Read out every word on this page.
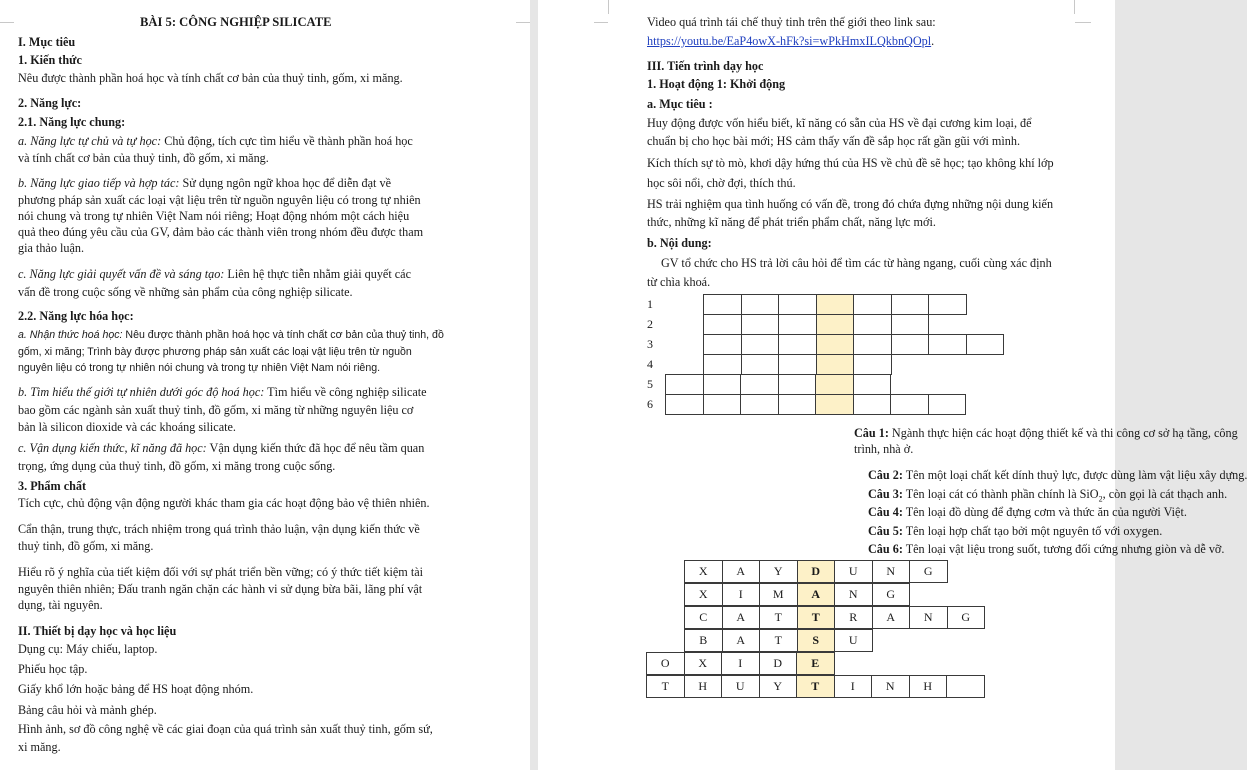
BÀI 5: CÔNG NGHIỆP SILICATE
I. Mục tiêu
1. Kiến thức
Nêu được thành phần hoá học và tính chất cơ bản của thuỷ tinh, gốm, xi măng.
2. Năng lực:
2.1. Năng lực chung:
a. Năng lực tự chủ và tự học: Chủ động, tích cực tìm hiểu về thành phần hoá học
và tính chất cơ bản của thuỷ tinh, đồ gốm, xi măng.
b. Năng lực giao tiếp và hợp tác: Sử dụng ngôn ngữ khoa học để diễn đạt về
phương pháp sản xuất các loại vật liệu trên từ nguồn nguyên liệu có trong tự nhiên
nói chung và trong tự nhiên Việt Nam nói riêng; Hoạt động nhóm một cách hiệu
quả theo đúng yêu cầu của GV, đảm bảo các thành viên trong nhóm đều được tham
gia thảo luận.
c. Năng lực giải quyết vấn đề và sáng tạo: Liên hệ thực tiễn nhằm giải quyết các
vấn đề trong cuộc sống về những sản phẩm của công nghiệp silicate.
2.2. Năng lực hóa học:
a. Nhận thức hoá học: Nêu được thành phần hoá học và tính chất cơ bản của thuỷ tinh, đồ
gốm, xi măng; Trình bày được phương pháp sản xuất các loại vật liệu trên từ nguồn
nguyên liệu có trong tự nhiên nói chung và trong tự nhiên Việt Nam nói riêng.
b. Tìm hiểu thế giới tự nhiên dưới góc độ hoá học: Tìm hiểu về công nghiệp silicate
bao gồm các ngành sản xuất thuỷ tinh, đồ gốm, xi măng từ những nguyên liệu cơ
bản là silicon dioxide và các khoáng silicate.
c. Vận dụng kiến thức, kĩ năng đã học: Vận dụng kiến thức đã học để nêu tầm quan
trọng, ứng dụng của thuỷ tinh, đồ gốm, xi măng trong cuộc sống.
3. Phẩm chất
Tích cực, chủ động vận động người khác tham gia các hoạt động bảo vệ thiên nhiên.
Cẩn thận, trung thực, trách nhiệm trong quá trình thảo luận, vận dụng kiến thức về
thuỷ tinh, đồ gốm, xi măng.
Hiểu rõ ý nghĩa của tiết kiệm đối với sự phát triển bền vững; có ý thức tiết kiệm tài
nguyên thiên nhiên; Đấu tranh ngăn chặn các hành vi sử dụng bừa bãi, lãng phí vật
dụng, tài nguyên.
II. Thiết bị dạy học và học liệu
Dụng cụ: Máy chiếu, laptop.
Phiếu học tập.
Giấy khổ lớn hoặc bảng để HS hoạt động nhóm.
Bảng câu hỏi và mảnh ghép.
Hình ảnh, sơ đồ công nghệ về các giai đoạn của quá trình sản xuất thuỷ tinh, gốm sứ,
xi măng.
Video quá trình tái chế thuỷ tinh trên thế giới theo link sau:
https://youtu.be/EaP4owX-hFk?si=wPkHmxILQkbnQOpl.
III. Tiến trình dạy học
1. Hoạt động 1: Khởi động
a. Mục tiêu :
Huy động được vốn hiểu biết, kĩ năng có sẵn của HS về đại cương kim loại, để
chuẩn bị cho học bài mới; HS cảm thấy vấn đề sắp học rất gần gũi với mình.
Kích thích sự tò mò, khơi dậy hứng thú của HS về chủ đề sẽ học; tạo không khí lớp
học sôi nổi, chờ đợi, thích thú.
HS trải nghiệm qua tình huống có vấn đề, trong đó chứa đựng những nội dung kiến
thức, những kĩ năng để phát triển phẩm chất, năng lực mới.
b. Nội dung:
GV tổ chức cho HS trả lời câu hỏi để tìm các từ hàng ngang, cuối cùng xác định
từ chìa khoá.
1
2
3
4
5
6
Câu 1: Ngành thực hiện các hoạt động thiết kế và thi công cơ sở hạ tầng, công
trình, nhà ở.
Câu 2: Tên một loại chất kết dính thuỷ lực, được dùng làm vật liệu xây dựng.
Câu 3: Tên loại cát có thành phần chính là SiO$_2$, còn gọi là cát thạch anh.
Câu 4: Tên loại đồ dùng để đựng cơm và thức ăn của người Việt.
Câu 5: Tên loại hợp chất tạo bởi một nguyên tố với oxygen.
Câu 6: Tên loại vật liệu trong suốt, tương đối cứng nhưng giòn và dễ vỡ.
X	A	Y	D	U	N	G
X	I	M	A	N	G
C	A	T	T	R	A	N	G
B	A	T	S	U
O	X	I	D	E
T	H	U	Y	T	I	N	H
